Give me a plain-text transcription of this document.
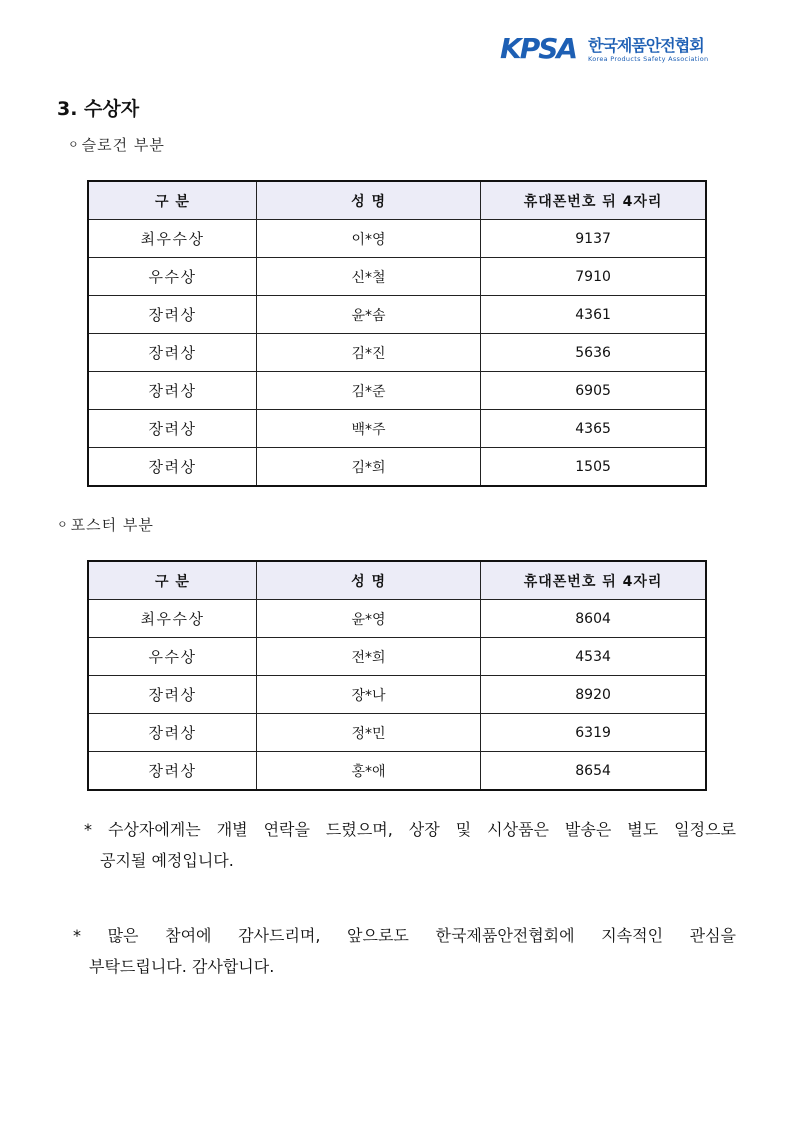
KPSA 한국제품안전협회
Korea Products Safety Association
3. 수상자
ㅇ 슬로건 부분
구 분	성 명	휴대폰번호 뒤 4자리
최우수상	이*영	9137
우수상	신*철	7910
장려상	윤*솜	4361
장려상	김*진	5636
장려상	김*준	6905
장려상	백*주	4365
장려상	김*희	1505
ㅇ 포스터 부분
구 분	성 명	휴대폰번호 뒤 4자리
최우수상	윤*영	8604
우수상	전*희	4534
장려상	장*나	8920
장려상	정*민	6319
장려상	홍*애	8654
* 수상자에게는 개별 연락을 드렸으며, 상장 및 시상품은 발송은 별도 일정으로
공지될 예정입니다.
* 많은 참여에 감사드리며, 앞으로도 한국제품안전협회에 지속적인 관심을
부탁드립니다. 감사합니다.
